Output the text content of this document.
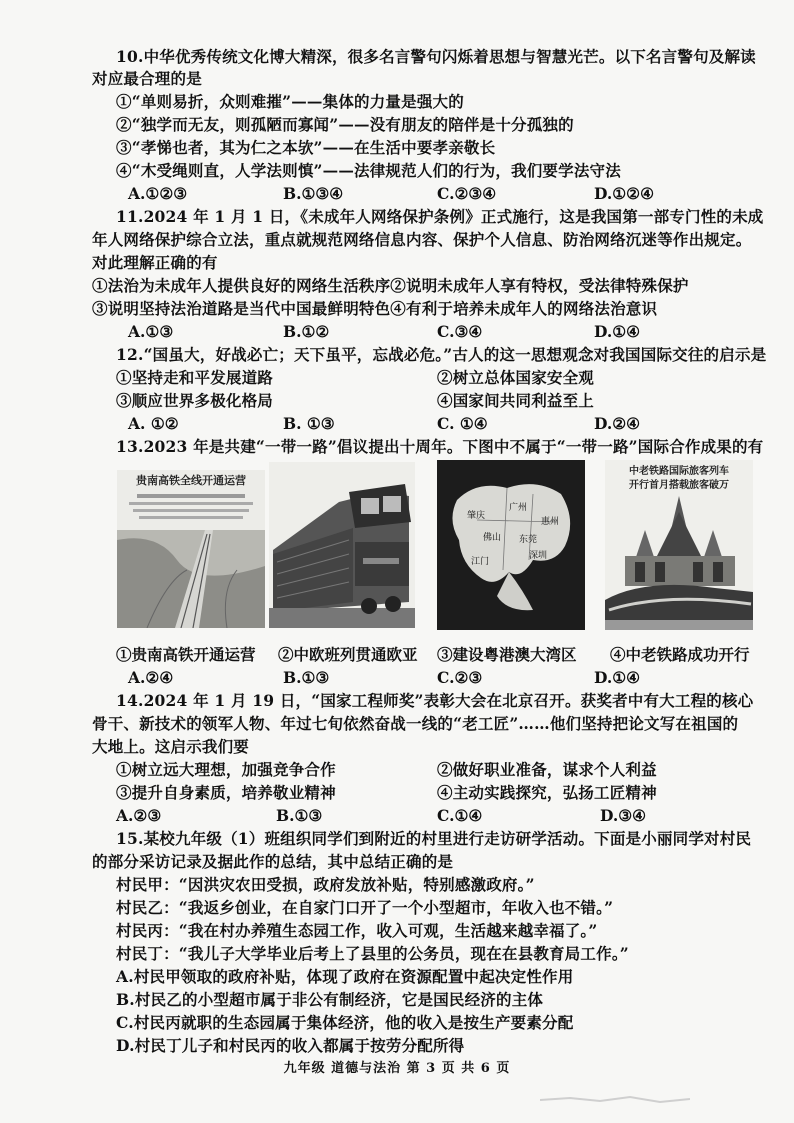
10.中华优秀传统文化博大精深，很多名言警句闪烁着思想与智慧光芒。以下名言警句及解读
对应最合理的是
①“单则易折，众则难摧”——集体的力量是强大的
②“独学而无友，则孤陋而寡闻”——没有朋友的陪伴是十分孤独的
③“孝悌也者，其为仁之本欤”——在生活中要孝亲敬长
④“木受绳则直，人学法则慎”——法律规范人们的行为，我们要学法守法
A.①②③	B.①③④	C.②③④	D.①②④
11.2024 年 1 月 1 日，《未成年人网络保护条例》正式施行，这是我国第一部专门性的未成
年人网络保护综合立法，重点就规范网络信息内容、保护个人信息、防治网络沉迷等作出规定。
对此理解正确的有
①法治为未成年人提供良好的网络生活秩序②说明未成年人享有特权，受法律特殊保护
③说明坚持法治道路是当代中国最鲜明特色④有利于培养未成年人的网络法治意识
A.①③	B.①②	C.③④	D.①④
12.“国虽大，好战必亡；天下虽平，忘战必危。”古人的这一思想观念对我国国际交往的启示是
①坚持走和平发展道路	②树立总体国家安全观
③顺应世界多极化格局	④国家间共同利益至上
A. ①②	B. ①③	C. ①④	D.②④
13.2023 年是共建“一带一路”倡议提出十周年。下图中不属于“一带一路”国际合作成果的有
贵南高铁全线开通运营
肇庆
广州
惠州
佛山 东莞
江门
深圳
中老铁路国际旅客列车
开行首月搭载旅客破万
①贵南高铁开通运营 ②中欧班列贯通欧亚 ③建设粤港澳大湾区 ④中老铁路成功开行
A.②④	B.①③	C.②③	D.①④
14.2024 年 1 月 19 日，“国家工程师奖”表彰大会在北京召开。获奖者中有大工程的核心
骨干、新技术的领军人物、年过七旬依然奋战一线的“老工匠”……他们坚持把论文写在祖国的
大地上。这启示我们要
①树立远大理想，加强竞争合作	②做好职业准备，谋求个人利益
③提升自身素质，培养敬业精神	④主动实践探究，弘扬工匠精神
A.②③	B.①③	C.①④	D.③④
15.某校九年级（1）班组织同学们到附近的村里进行走访研学活动。下面是小丽同学对村民
的部分采访记录及据此作的总结，其中总结正确的是
村民甲：“因洪灾农田受损，政府发放补贴，特别感激政府。”
村民乙：“我返乡创业，在自家门口开了一个小型超市，年收入也不错。”
村民丙：“我在村办养殖生态园工作，收入可观，生活越来越幸福了。”
村民丁：“我儿子大学毕业后考上了县里的公务员，现在在县教育局工作。”
A.村民甲领取的政府补贴，体现了政府在资源配置中起决定性作用
B.村民乙的小型超市属于非公有制经济，它是国民经济的主体
C.村民丙就职的生态园属于集体经济，他的收入是按生产要素分配
D.村民丁儿子和村民丙的收入都属于按劳分配所得
九年级 道德与法治 第 3 页 共 6 页
